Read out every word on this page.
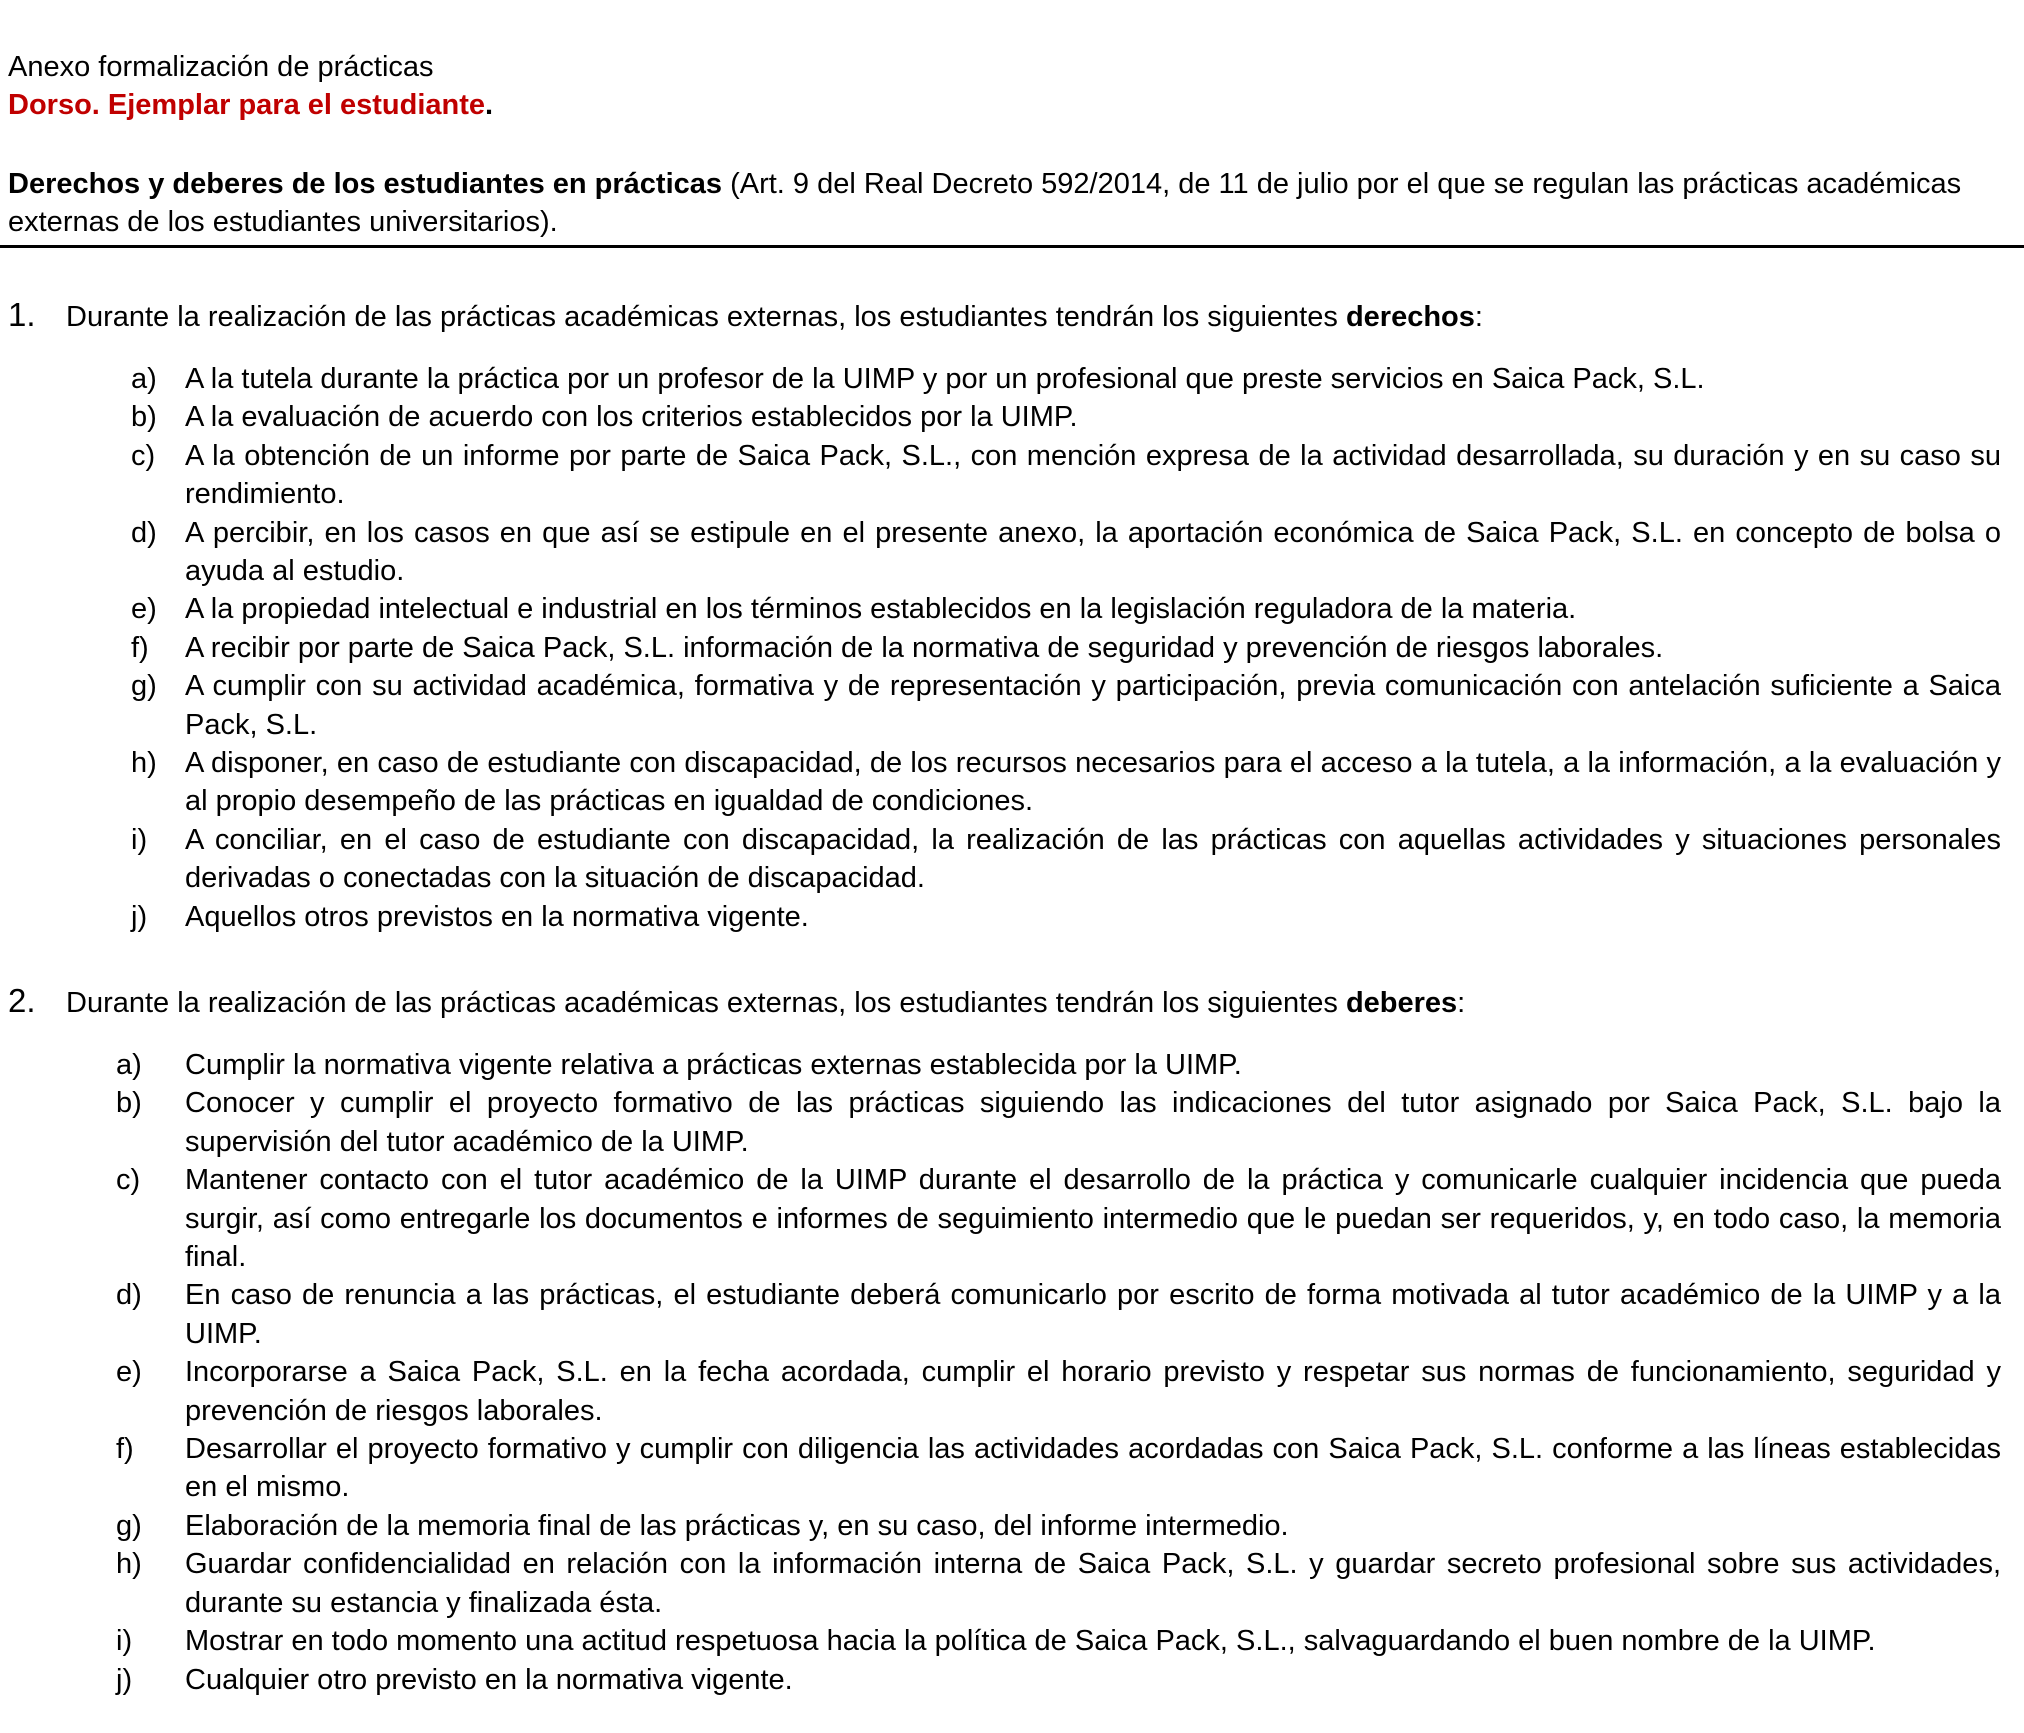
Anexo formalización de prácticas
Dorso. Ejemplar para el estudiante.
Derechos y deberes de los estudiantes en prácticas (Art. 9 del Real Decreto 592/2014, de 11 de julio por el que se regulan las prácticas académicas externas de los estudiantes universitarios).
1. Durante la realización de las prácticas académicas externas, los estudiantes tendrán los siguientes derechos:
a) A la tutela durante la práctica por un profesor de la UIMP y por un profesional que preste servicios en Saica Pack, S.L.
b) A la evaluación de acuerdo con los criterios establecidos por la UIMP.
c) A la obtención de un informe por parte de Saica Pack, S.L., con mención expresa de la actividad desarrollada, su duración y en su caso su rendimiento.
d) A percibir, en los casos en que así se estipule en el presente anexo, la aportación económica de Saica Pack, S.L. en concepto de bolsa o ayuda al estudio.
e) A la propiedad intelectual e industrial en los términos establecidos en la legislación reguladora de la materia.
f) A recibir por parte de Saica Pack, S.L. información de la normativa de seguridad y prevención de riesgos laborales.
g) A cumplir con su actividad académica, formativa y de representación y participación, previa comunicación con antelación suficiente a Saica Pack, S.L.
h) A disponer, en caso de estudiante con discapacidad, de los recursos necesarios para el acceso a la tutela, a la información, a la evaluación y al propio desempeño de las prácticas en igualdad de condiciones.
i) A conciliar, en el caso de estudiante con discapacidad, la realización de las prácticas con aquellas actividades y situaciones personales derivadas o conectadas con la situación de discapacidad.
j) Aquellos otros previstos en la normativa vigente.
2. Durante la realización de las prácticas académicas externas, los estudiantes tendrán los siguientes deberes:
a) Cumplir la normativa vigente relativa a prácticas externas establecida por la UIMP.
b) Conocer y cumplir el proyecto formativo de las prácticas siguiendo las indicaciones del tutor asignado por Saica Pack, S.L. bajo la supervisión del tutor académico de la UIMP.
c) Mantener contacto con el tutor académico de la UIMP durante el desarrollo de la práctica y comunicarle cualquier incidencia que pueda surgir, así como entregarle los documentos e informes de seguimiento intermedio que le puedan ser requeridos, y, en todo caso, la memoria final.
d) En caso de renuncia a las prácticas, el estudiante deberá comunicarlo por escrito de forma motivada al tutor académico de la UIMP y a la UIMP.
e) Incorporarse a Saica Pack, S.L. en la fecha acordada, cumplir el horario previsto y respetar sus normas de funcionamiento, seguridad y prevención de riesgos laborales.
f) Desarrollar el proyecto formativo y cumplir con diligencia las actividades acordadas con Saica Pack, S.L. conforme a las líneas establecidas en el mismo.
g) Elaboración de la memoria final de las prácticas y, en su caso, del informe intermedio.
h) Guardar confidencialidad en relación con la información interna de Saica Pack, S.L. y guardar secreto profesional sobre sus actividades, durante su estancia y finalizada ésta.
i) Mostrar en todo momento una actitud respetuosa hacia la política de Saica Pack, S.L., salvaguardando el buen nombre de la UIMP.
j) Cualquier otro previsto en la normativa vigente.
